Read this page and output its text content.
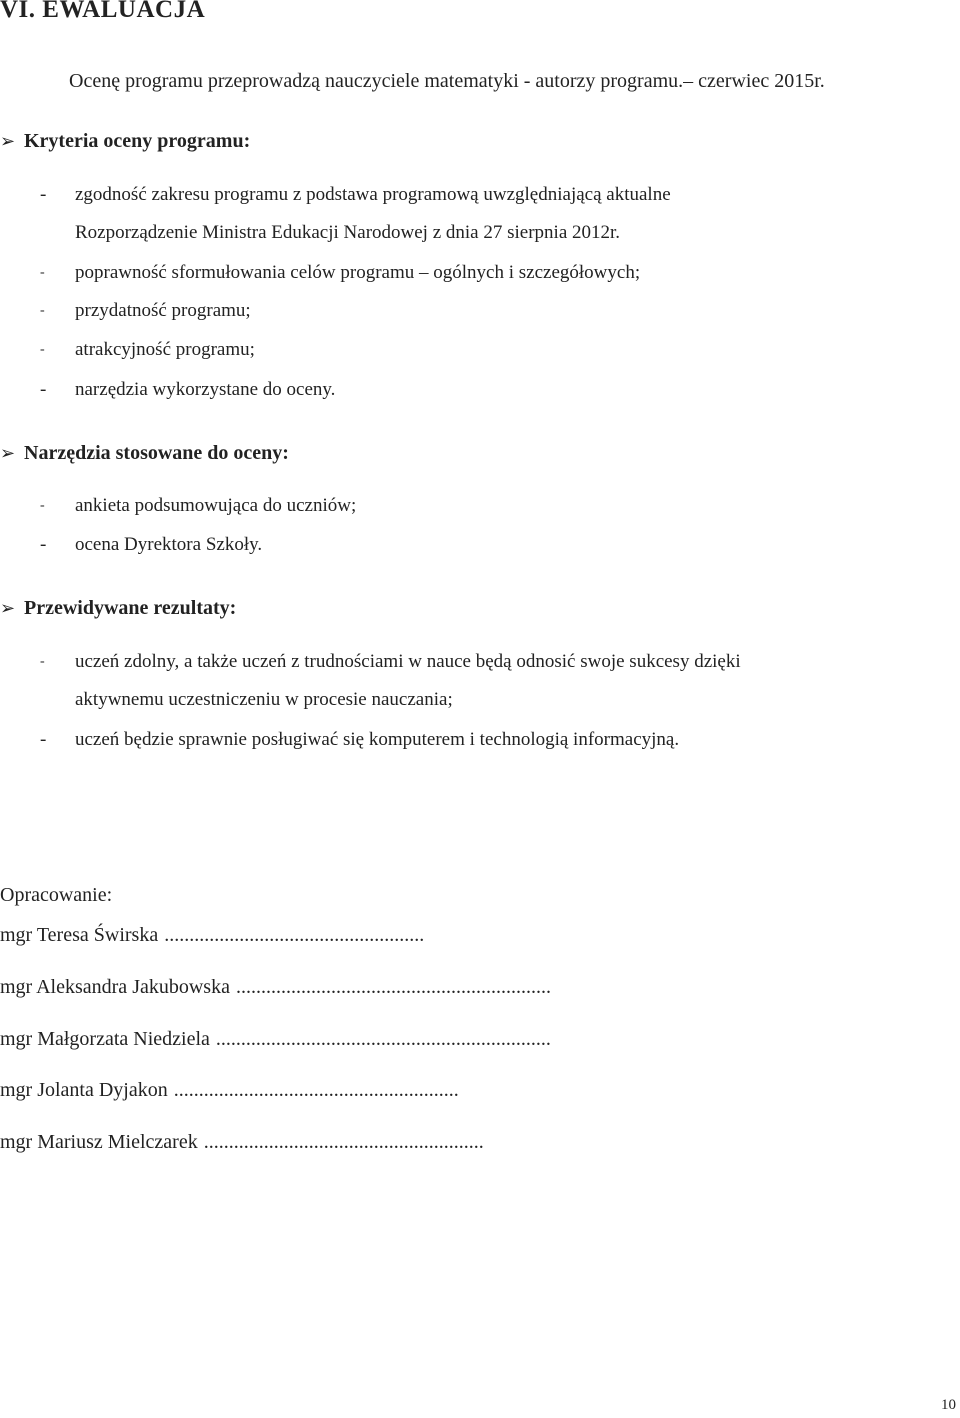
VI. EWALUACJA
Ocenę programu przeprowadzą nauczyciele matematyki - autorzy programu.– czerwiec 2015r.
➢ Kryteria oceny programu:
- zgodność zakresu programu z podstawa programową uwzględniającą aktualne
Rozporządzenie Ministra Edukacji Narodowej z dnia 27 sierpnia 2012r.
- poprawność sformułowania celów programu – ogólnych i szczegółowych;
- przydatność programu;
- atrakcyjność programu;
- narzędzia wykorzystane do oceny.
➢ Narzędzia stosowane do oceny:
- ankieta podsumowująca do uczniów;
- ocena Dyrektora Szkoły.
➢ Przewidywane rezultaty:
- uczeń zdolny, a także uczeń z trudnościami w nauce będą odnosić swoje sukcesy dzięki
aktywnemu uczestniczeniu w procesie nauczania;
- uczeń będzie sprawnie posługiwać się komputerem i technologią informacyjną.
Opracowanie:
mgr Teresa Świrska ....................................................
mgr Aleksandra Jakubowska ...............................................................
mgr Małgorzata Niedziela ...................................................................
mgr Jolanta Dyjakon .........................................................
mgr Mariusz Mielczarek ........................................................
10
